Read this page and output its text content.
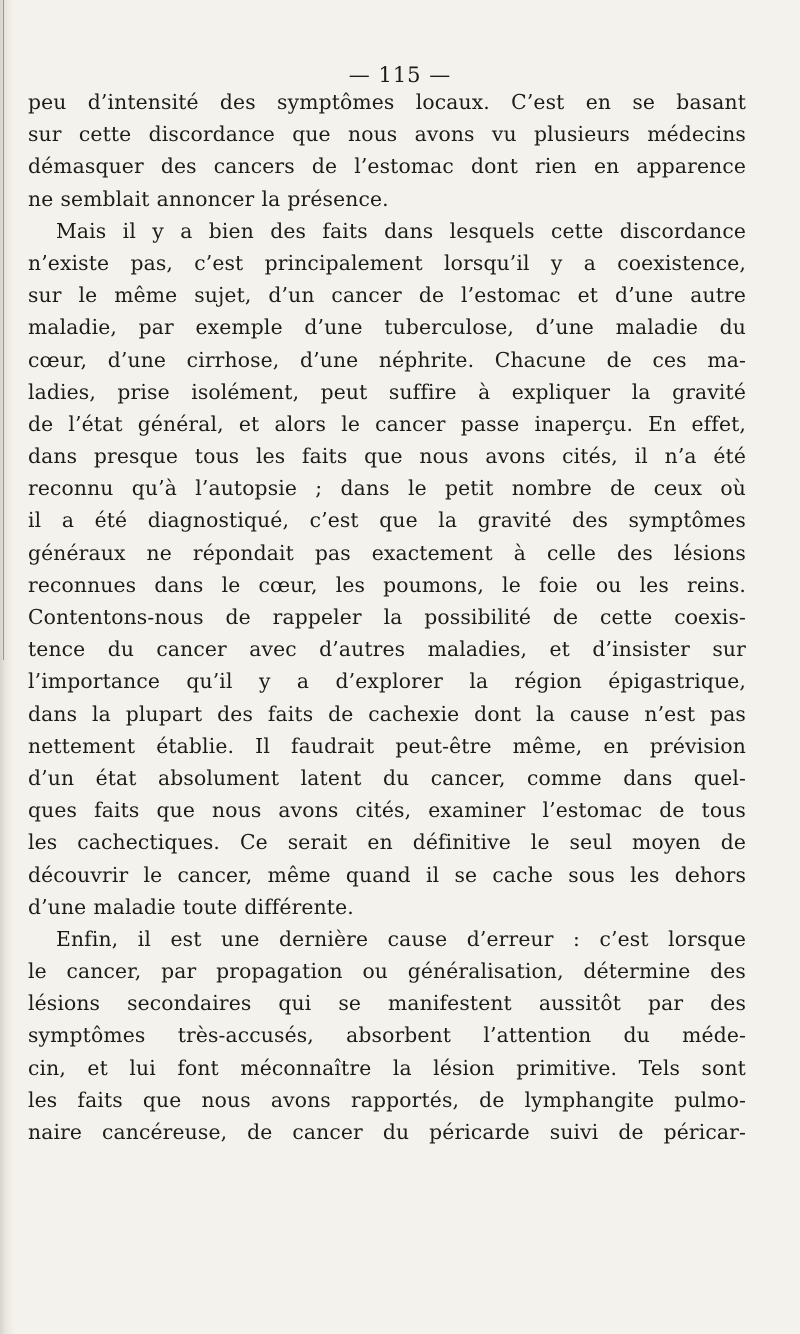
— 115 —
peu d’intensité des symptômes locaux. C’est en se basant
sur cette discordance que nous avons vu plusieurs médecins
démasquer des cancers de l’estomac dont rien en apparence
ne semblait annoncer la présence.
Mais il y a bien des faits dans lesquels cette discordance
n’existe pas, c’est principalement lorsqu’il y a coexistence,
sur le même sujet, d’un cancer de l’estomac et d’une autre
maladie, par exemple d’une tuberculose, d’une maladie du
cœur, d’une cirrhose, d’une néphrite. Chacune de ces ma-
ladies, prise isolément, peut suffire à expliquer la gravité
de l’état général, et alors le cancer passe inaperçu. En effet,
dans presque tous les faits que nous avons cités, il n’a été
reconnu qu’à l’autopsie ; dans le petit nombre de ceux où
il a été diagnostiqué, c’est que la gravité des symptômes
généraux ne répondait pas exactement à celle des lésions
reconnues dans le cœur, les poumons, le foie ou les reins.
Contentons-nous de rappeler la possibilité de cette coexis-
tence du cancer avec d’autres maladies, et d’insister sur
l’importance qu’il y a d’explorer la région épigastrique,
dans la plupart des faits de cachexie dont la cause n’est pas
nettement établie. Il faudrait peut-être même, en prévision
d’un état absolument latent du cancer, comme dans quel-
ques faits que nous avons cités, examiner l’estomac de tous
les cachectiques. Ce serait en définitive le seul moyen de
découvrir le cancer, même quand il se cache sous les dehors
d’une maladie toute différente.
Enfin, il est une dernière cause d’erreur : c’est lorsque
le cancer, par propagation ou généralisation, détermine des
lésions secondaires qui se manifestent aussitôt par des
symptômes très-accusés, absorbent l’attention du méde-
cin, et lui font méconnaître la lésion primitive. Tels sont
les faits que nous avons rapportés, de lymphangite pulmo-
naire cancéreuse, de cancer du péricarde suivi de péricar-
